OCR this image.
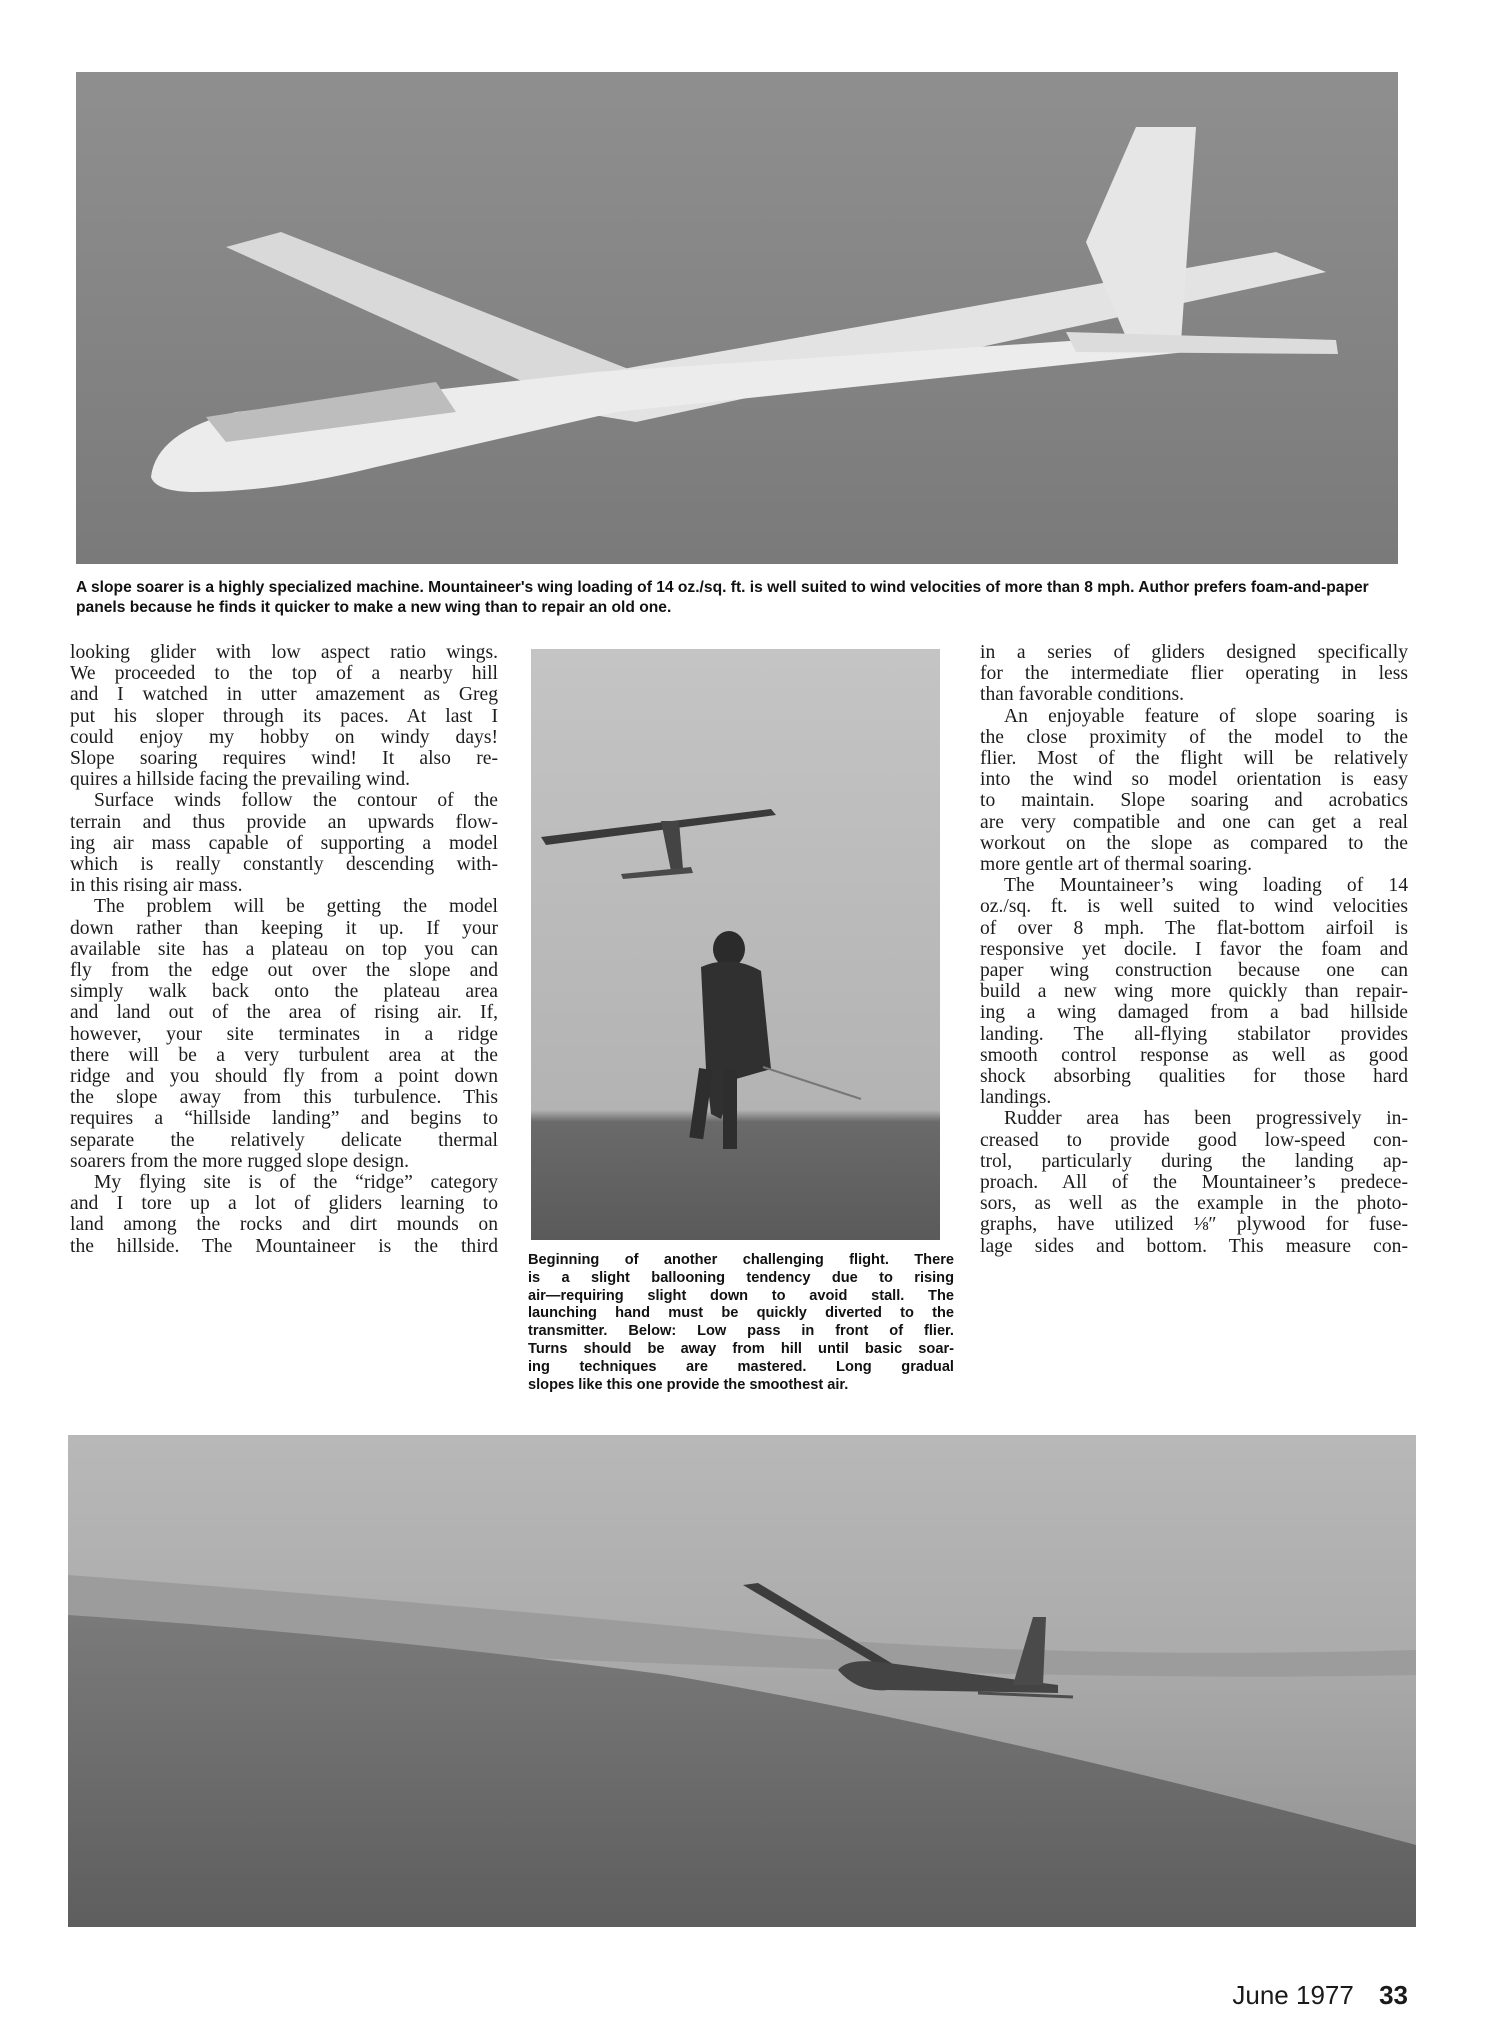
A slope soarer is a highly specialized machine. Mountaineer's wing loading of 14 oz./sq. ft. is well suited to wind velocities of more than 8 mph. Author prefers foam-and-paper panels because he finds it quicker to make a new wing than to repair an old one.
looking glider with low aspect ratio wings.
We proceeded to the top of a nearby hill
and I watched in utter amazement as Greg
put his sloper through its paces. At last I
could enjoy my hobby on windy days!
Slope soaring requires wind! It also re-
quires a hillside facing the prevailing wind.
Surface winds follow the contour of the
terrain and thus provide an upwards flow-
ing air mass capable of supporting a model
which is really constantly descending with-
in this rising air mass.
The problem will be getting the model
down rather than keeping it up. If your
available site has a plateau on top you can
fly from the edge out over the slope and
simply walk back onto the plateau area
and land out of the area of rising air. If,
however, your site terminates in a ridge
there will be a very turbulent area at the
ridge and you should fly from a point down
the slope away from this turbulence. This
requires a “hillside landing” and begins to
separate the relatively delicate thermal
soarers from the more rugged slope design.
My flying site is of the “ridge” category
and I tore up a lot of gliders learning to
land among the rocks and dirt mounds on
the hillside. The Mountaineer is the third
Beginning of another challenging flight. There
is a slight ballooning tendency due to rising
air—requiring slight down to avoid stall. The
launching hand must be quickly diverted to the
transmitter. Below: Low pass in front of flier.
Turns should be away from hill until basic soar-
ing techniques are mastered. Long gradual
slopes like this one provide the smoothest air.
in a series of gliders designed specifically
for the intermediate flier operating in less
than favorable conditions.
An enjoyable feature of slope soaring is
the close proximity of the model to the
flier. Most of the flight will be relatively
into the wind so model orientation is easy
to maintain. Slope soaring and acrobatics
are very compatible and one can get a real
workout on the slope as compared to the
more gentle art of thermal soaring.
The Mountaineer’s wing loading of 14
oz./sq. ft. is well suited to wind velocities
of over 8 mph. The flat-bottom airfoil is
responsive yet docile. I favor the foam and
paper wing construction because one can
build a new wing more quickly than repair-
ing a wing damaged from a bad hillside
landing. The all-flying stabilator provides
smooth control response as well as good
shock absorbing qualities for those hard
landings.
Rudder area has been progressively in-
creased to provide good low-speed con-
trol, particularly during the landing ap-
proach. All of the Mountaineer’s predece-
sors, as well as the example in the photo-
graphs, have utilized ⅛″ plywood for fuse-
lage sides and bottom. This measure con-
June 1977 33
